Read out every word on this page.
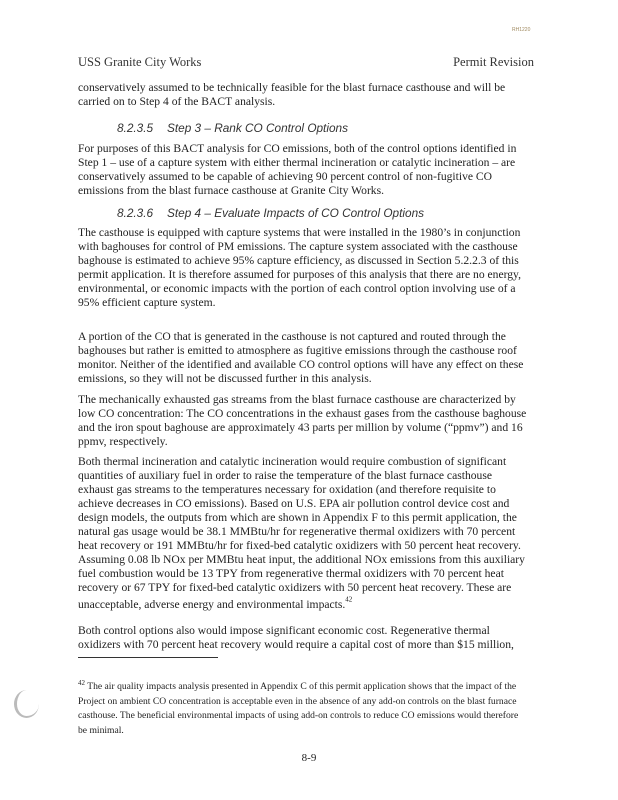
RH1220
USS Granite City Works	Permit Revision
conservatively assumed to be technically feasible for the blast furnace casthouse and will be
carried on to Step 4 of the BACT analysis.
8.2.3.5 Step 3 – Rank CO Control Options
For purposes of this BACT analysis for CO emissions, both of the control options identified in
Step 1 – use of a capture system with either thermal incineration or catalytic incineration – are
conservatively assumed to be capable of achieving 90 percent control of non-fugitive CO
emissions from the blast furnace casthouse at Granite City Works.
8.2.3.6 Step 4 – Evaluate Impacts of CO Control Options
The casthouse is equipped with capture systems that were installed in the 1980’s in conjunction
with baghouses for control of PM emissions. The capture system associated with the casthouse
baghouse is estimated to achieve 95% capture efficiency, as discussed in Section 5.2.2.3 of this
permit application. It is therefore assumed for purposes of this analysis that there are no energy,
environmental, or economic impacts with the portion of each control option involving use of a
95% efficient capture system.
A portion of the CO that is generated in the casthouse is not captured and routed through the
baghouses but rather is emitted to atmosphere as fugitive emissions through the casthouse roof
monitor. Neither of the identified and available CO control options will have any effect on these
emissions, so they will not be discussed further in this analysis.
The mechanically exhausted gas streams from the blast furnace casthouse are characterized by
low CO concentration: The CO concentrations in the exhaust gases from the casthouse baghouse
and the iron spout baghouse are approximately 43 parts per million by volume (“ppmv”) and 16
ppmv, respectively.
Both thermal incineration and catalytic incineration would require combustion of significant
quantities of auxiliary fuel in order to raise the temperature of the blast furnace casthouse
exhaust gas streams to the temperatures necessary for oxidation (and therefore requisite to
achieve decreases in CO emissions). Based on U.S. EPA air pollution control device cost and
design models, the outputs from which are shown in Appendix F to this permit application, the
natural gas usage would be 38.1 MMBtu/hr for regenerative thermal oxidizers with 70 percent
heat recovery or 191 MMBtu/hr for fixed-bed catalytic oxidizers with 50 percent heat recovery.
Assuming 0.08 lb NOx per MMBtu heat input, the additional NOx emissions from this auxiliary
fuel combustion would be 13 TPY from regenerative thermal oxidizers with 70 percent heat
recovery or 67 TPY for fixed-bed catalytic oxidizers with 50 percent heat recovery. These are
unacceptable, adverse energy and environmental impacts.$^{42}$
Both control options also would impose significant economic cost. Regenerative thermal
oxidizers with 70 percent heat recovery would require a capital cost of more than $15 million,
$^{42}$ The air quality impacts analysis presented in Appendix C of this permit application shows that the impact of the
Project on ambient CO concentration is acceptable even in the absence of any add-on controls on the blast furnace
casthouse. The beneficial environmental impacts of using add-on controls to reduce CO emissions would therefore
be minimal.
8-9
